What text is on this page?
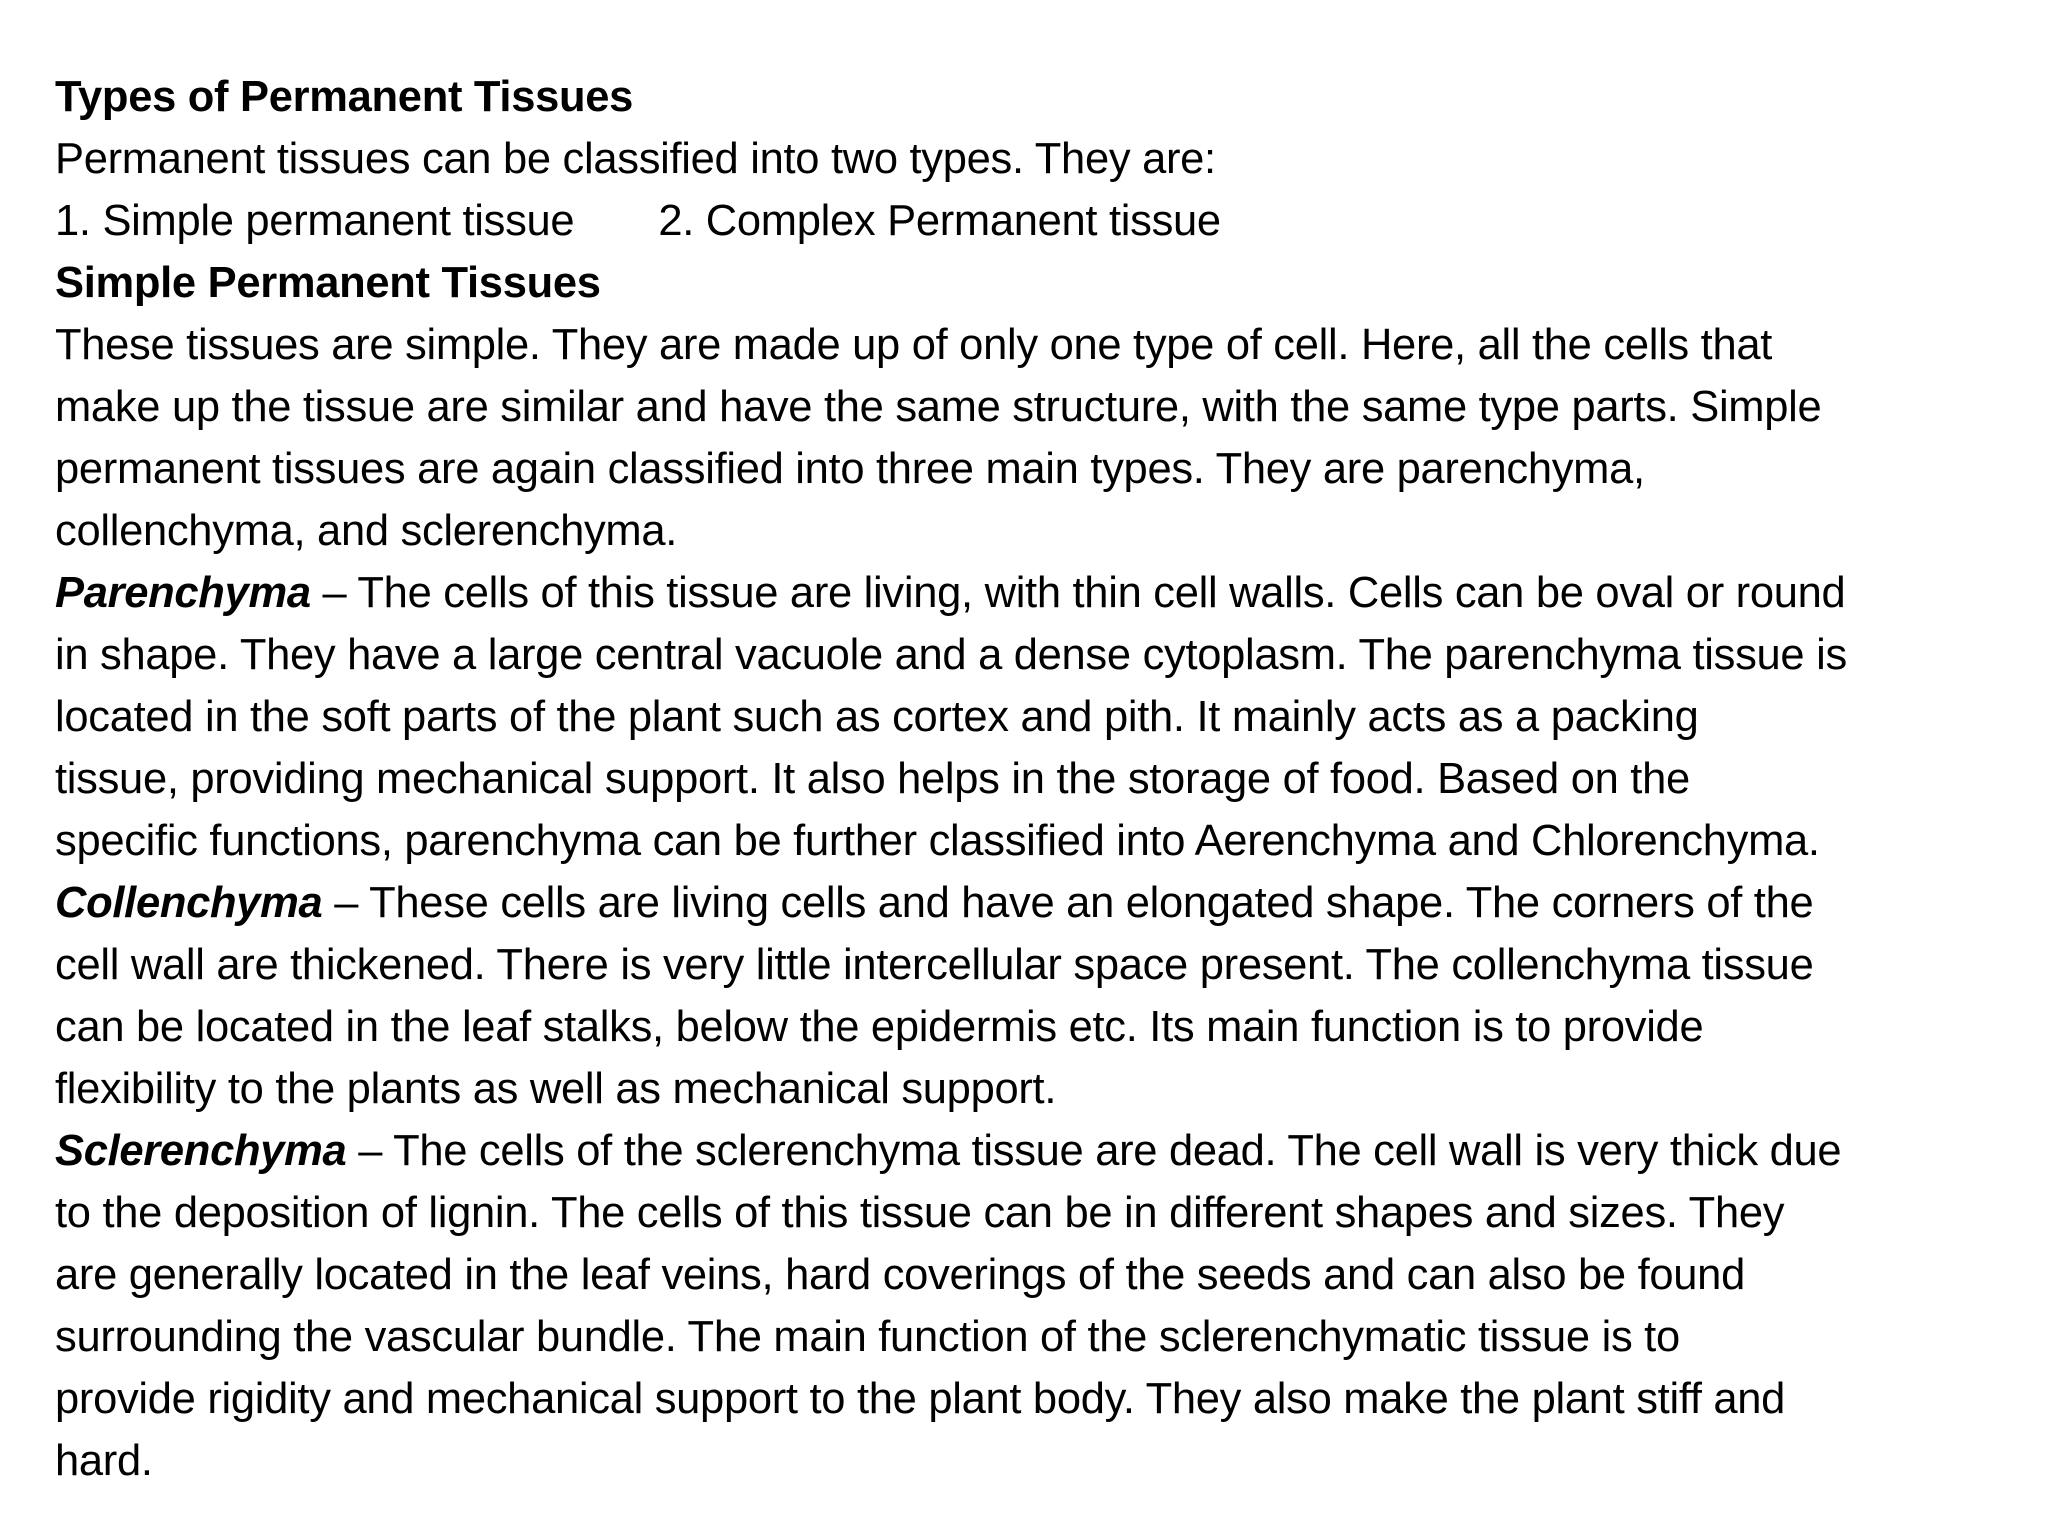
Types of Permanent Tissues
Permanent tissues can be classified into two types. They are:
1. Simple permanent tissue 2. Complex Permanent tissue
Simple Permanent Tissues
These tissues are simple. They are made up of only one type of cell. Here, all the cells that
make up the tissue are similar and have the same structure, with the same type parts. Simple
permanent tissues are again classified into three main types. They are parenchyma,
collenchyma, and sclerenchyma.
Parenchyma – The cells of this tissue are living, with thin cell walls. Cells can be oval or round
in shape. They have a large central vacuole and a dense cytoplasm. The parenchyma tissue is
located in the soft parts of the plant such as cortex and pith. It mainly acts as a packing
tissue, providing mechanical support. It also helps in the storage of food. Based on the
specific functions, parenchyma can be further classified into Aerenchyma and Chlorenchyma.
Collenchyma – These cells are living cells and have an elongated shape. The corners of the
cell wall are thickened. There is very little intercellular space present. The collenchyma tissue
can be located in the leaf stalks, below the epidermis etc. Its main function is to provide
flexibility to the plants as well as mechanical support.
Sclerenchyma – The cells of the sclerenchyma tissue are dead. The cell wall is very thick due
to the deposition of lignin. The cells of this tissue can be in different shapes and sizes. They
are generally located in the leaf veins, hard coverings of the seeds and can also be found
surrounding the vascular bundle. The main function of the sclerenchymatic tissue is to
provide rigidity and mechanical support to the plant body. They also make the plant stiff and
hard.
